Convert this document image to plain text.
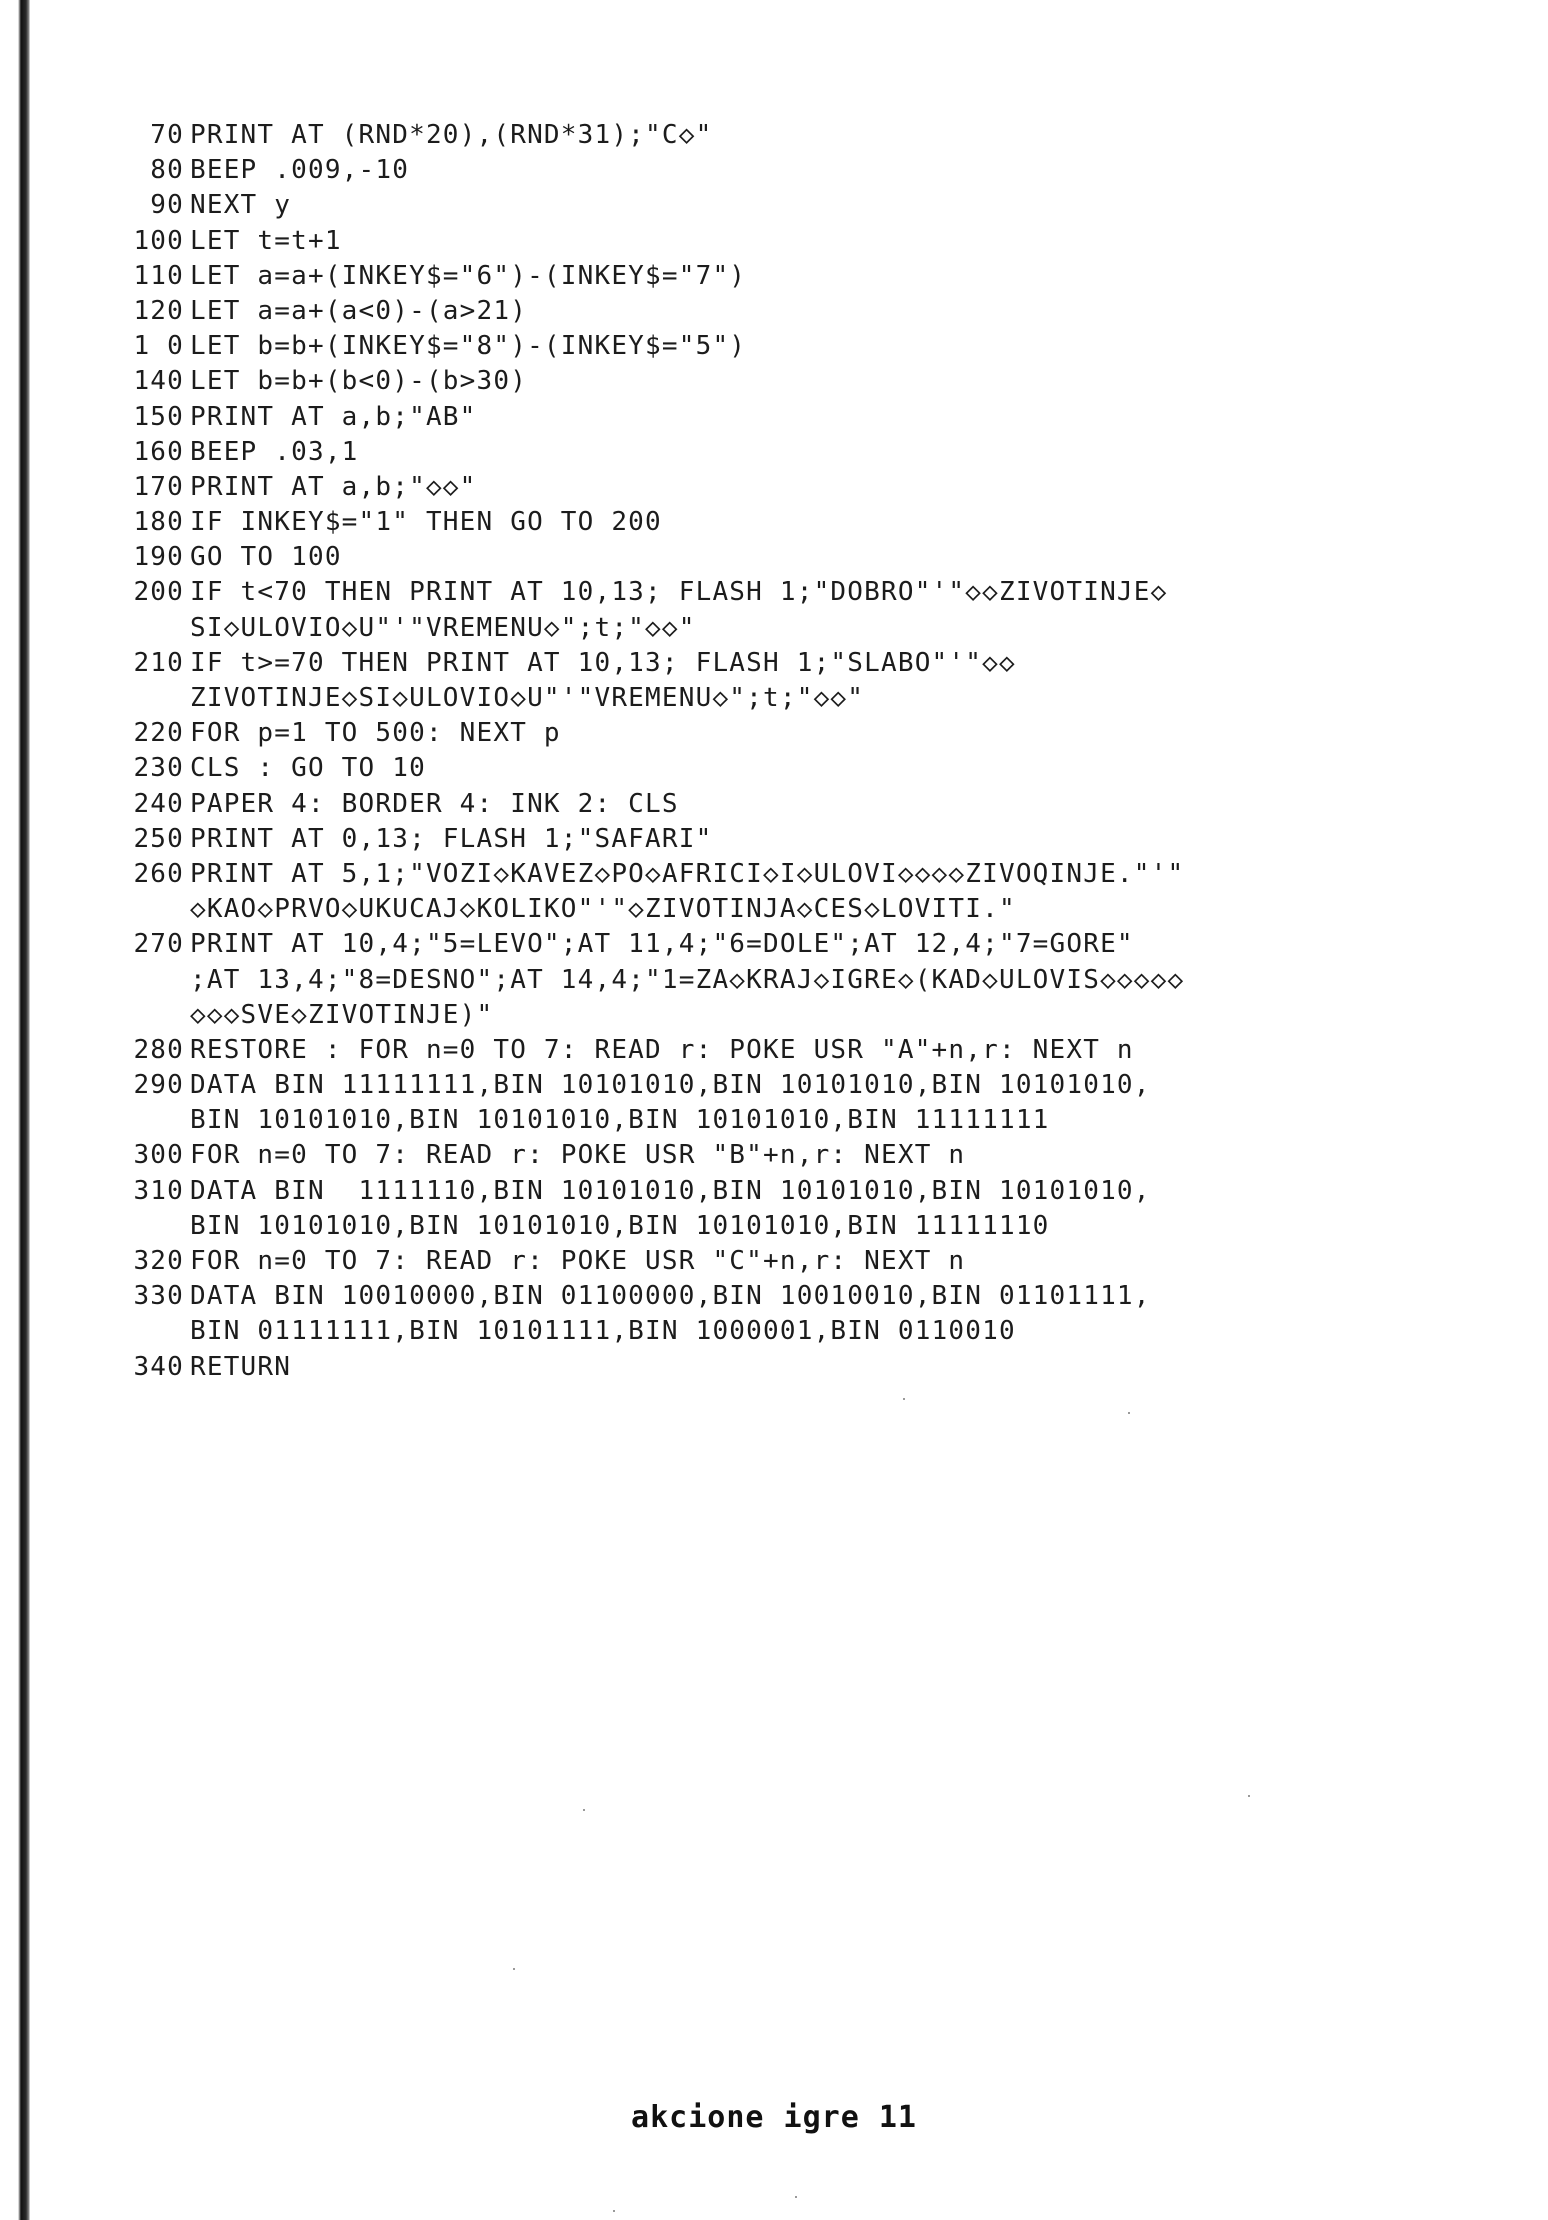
70 PRINT AT (RND*20),(RND*31);"C◇"
80 BEEP .009,-10
90 NEXT y
100 LET t=t+1
110 LET a=a+(INKEY$="6")-(INKEY$="7")
120 LET a=a+(a<0)-(a>21)
1 0 LET b=b+(INKEY$="8")-(INKEY$="5")
140 LET b=b+(b<0)-(b>30)
150 PRINT AT a,b;"AB"
160 BEEP .03,1
170 PRINT AT a,b;"◇◇"
180 IF INKEY$="1" THEN GO TO 200
190 GO TO 100
200 IF t<70 THEN PRINT AT 10,13; FLASH 1;"DOBRO"'"◇◇ZIVOTINJE◇
SI◇ULOVIO◇U"'"VREMENU◇";t;"◇◇"
210 IF t>=70 THEN PRINT AT 10,13; FLASH 1;"SLABO"'"◇◇
ZIVOTINJE◇SI◇ULOVIO◇U"'"VREMENU◇";t;"◇◇"
220 FOR p=1 TO 500: NEXT p
230 CLS : GO TO 10
240 PAPER 4: BORDER 4: INK 2: CLS
250 PRINT AT 0,13; FLASH 1;"SAFARI"
260 PRINT AT 5,1;"VOZI◇KAVEZ◇PO◇AFRICI◇I◇ULOVI◇◇◇◇ZIVOQINJE."'"
◇KAO◇PRVO◇UKUCAJ◇KOLIKO"'"◇ZIVOTINJA◇CES◇LOVITI."
270 PRINT AT 10,4;"5=LEVO";AT 11,4;"6=DOLE";AT 12,4;"7=GORE"
;AT 13,4;"8=DESNO";AT 14,4;"1=ZA◇KRAJ◇IGRE◇(KAD◇ULOVIS◇◇◇◇◇
◇◇◇SVE◇ZIVOTINJE)"
280 RESTORE : FOR n=0 TO 7: READ r: POKE USR "A"+n,r: NEXT n
290 DATA BIN 11111111,BIN 10101010,BIN 10101010,BIN 10101010,
BIN 10101010,BIN 10101010,BIN 10101010,BIN 11111111
300 FOR n=0 TO 7: READ r: POKE USR "B"+n,r: NEXT n
310 DATA BIN  1111110,BIN 10101010,BIN 10101010,BIN 10101010,
BIN 10101010,BIN 10101010,BIN 10101010,BIN 11111110
320 FOR n=0 TO 7: READ r: POKE USR "C"+n,r: NEXT n
330 DATA BIN 10010000,BIN 01100000,BIN 10010010,BIN 01101111,
BIN 01111111,BIN 10101111,BIN 1000001,BIN 0110010
340 RETURN
akcione igre 11
